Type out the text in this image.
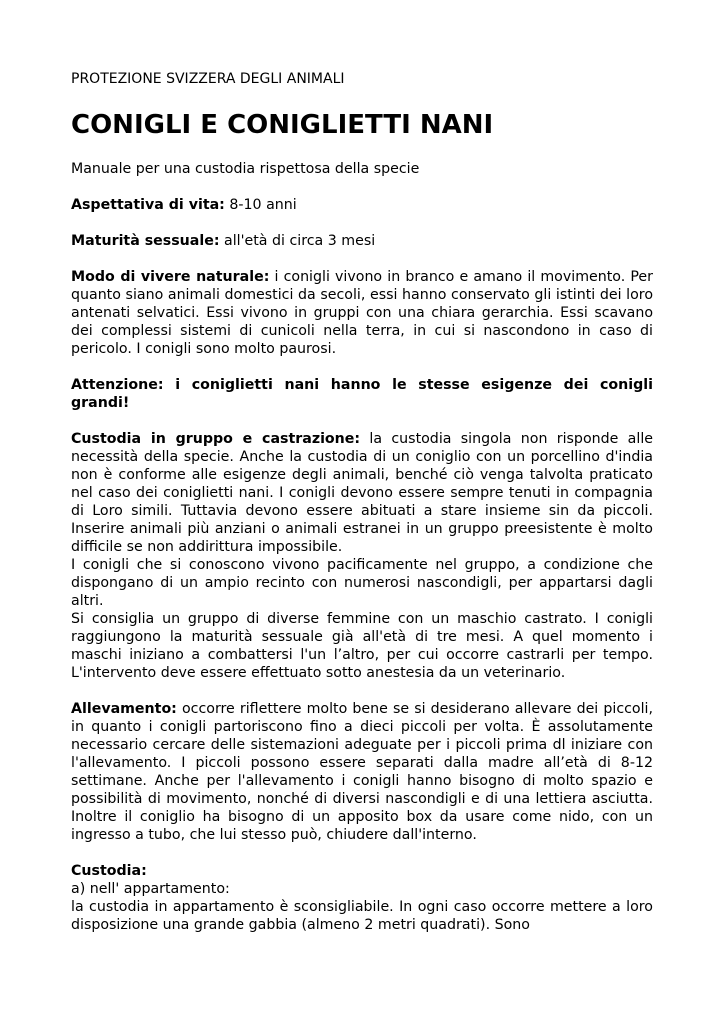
PROTEZIONE SVIZZERA DEGLI ANIMALI

CONIGLI E CONIGLIETTI NANI

Manuale per una custodia rispettosa della specie

Aspettativa di vita: 8-10 anni

Maturità sessuale: all'età di circa 3 mesi

Modo di vivere naturale: i conigli vivono in branco e amano il movimento. Per quanto siano animali domestici da secoli, essi hanno conservato gli istinti dei loro antenati selvatici. Essi vivono in gruppi con una chiara gerarchia. Essi scavano dei complessi sistemi di cunicoli nella terra, in cui si nascondono in caso di pericolo. I conigli sono molto paurosi.

Attenzione: i coniglietti nani hanno le stesse esigenze dei conigli grandi!

Custodia in gruppo e castrazione: la custodia singola non risponde alle necessità della specie. Anche la custodia di un coniglio con un porcellino d'india non è conforme alle esigenze degli animali, benché ciò venga talvolta praticato nel caso dei coniglietti nani. I conigli devono essere sempre tenuti in compagnia di Loro simili. Tuttavia devono essere abituati a stare insieme sin da piccoli. Inserire animali più anziani o animali estranei in un gruppo preesistente è molto difficile se non addirittura impossibile.

I conigli che si conoscono vivono pacificamente nel gruppo, a condizione che dispongano di un ampio recinto con numerosi nascondigli, per appartarsi dagli altri.

Si consiglia un gruppo di diverse femmine con un maschio castrato. I conigli raggiungono la maturità sessuale già all'età di tre mesi. A quel momento i maschi iniziano a combattersi l'un l’altro, per cui occorre castrarli per tempo. L'intervento deve essere effettuato sotto anestesia da un veterinario.

Allevamento: occorre riflettere molto bene se si desiderano allevare dei piccoli, in quanto i conigli partoriscono fino a dieci piccoli per volta. È assolutamente necessario cercare delle sistemazioni adeguate per i piccoli prima dl iniziare con l'allevamento. I piccoli possono essere separati dalla madre all’età di 8-12 settimane. Anche per l'allevamento i conigli hanno bisogno di molto spazio e possibilità di movimento, nonché di diversi nascondigli e di una lettiera asciutta. Inoltre il coniglio ha bisogno di un apposito box da usare come nido, con un ingresso a tubo, che lui stesso può, chiudere dall'interno.

Custodia:

a) nell' appartamento:

la custodia in appartamento è sconsigliabile. In ogni caso occorre mettere a loro disposizione una grande gabbia (almeno 2 metri quadrati). Sono
